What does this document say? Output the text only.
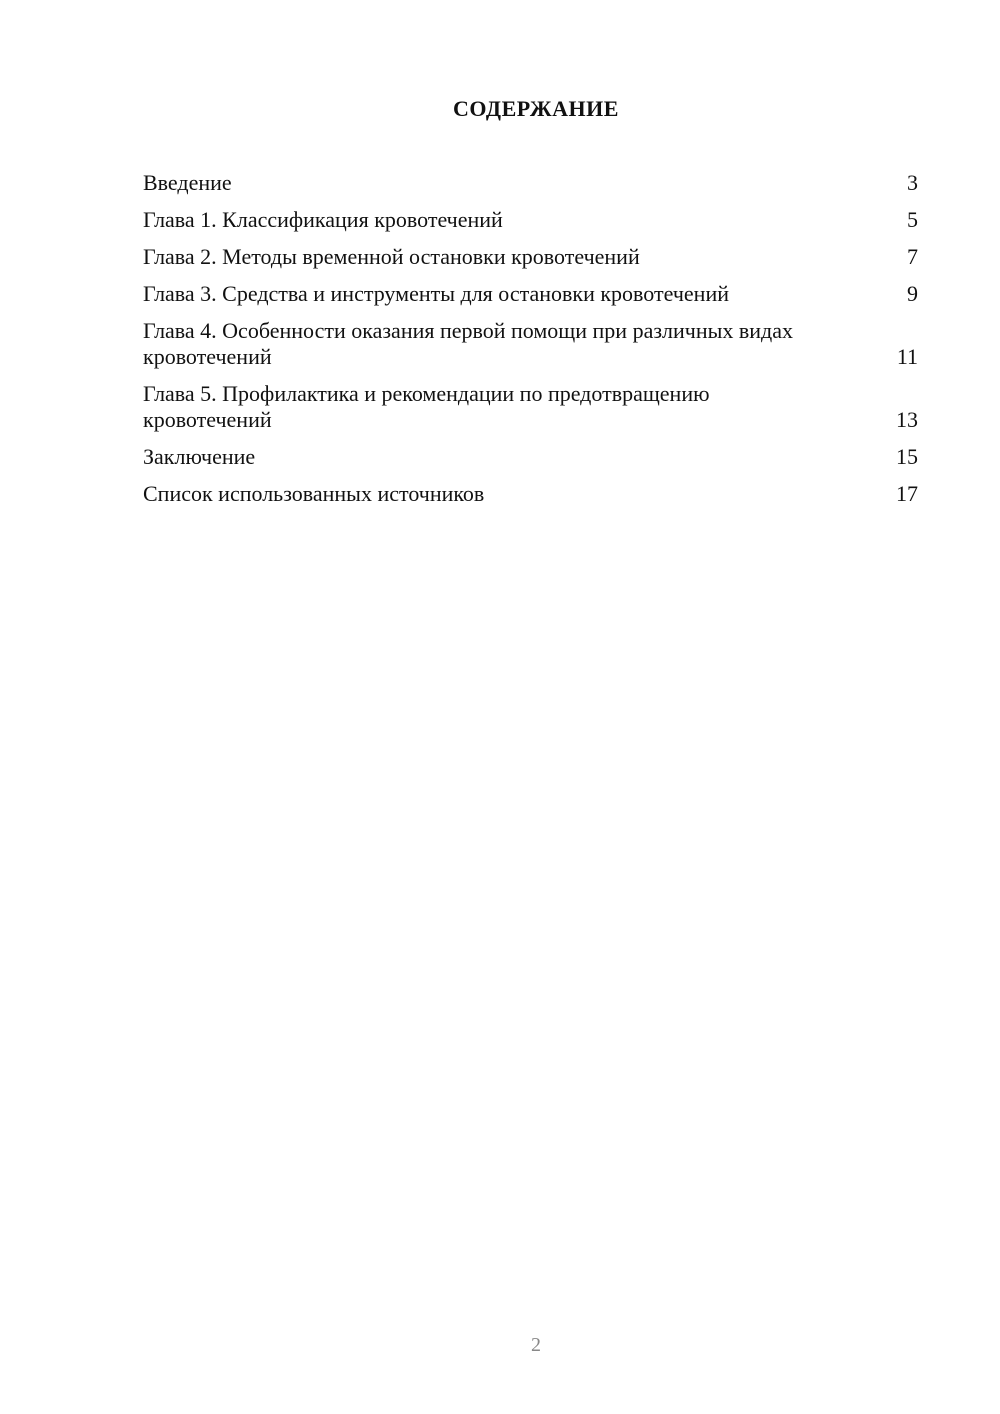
СОДЕРЖАНИЕ
Введение	3
Глава 1. Классификация кровотечений	5
Глава 2. Методы временной остановки кровотечений	7
Глава 3. Средства и инструменты для остановки кровотечений	9
Глава 4. Особенности оказания первой помощи при различных видах кровотечений	11
Глава 5. Профилактика и рекомендации по предотвращению кровотечений	13
Заключение	15
Список использованных источников	17
2
